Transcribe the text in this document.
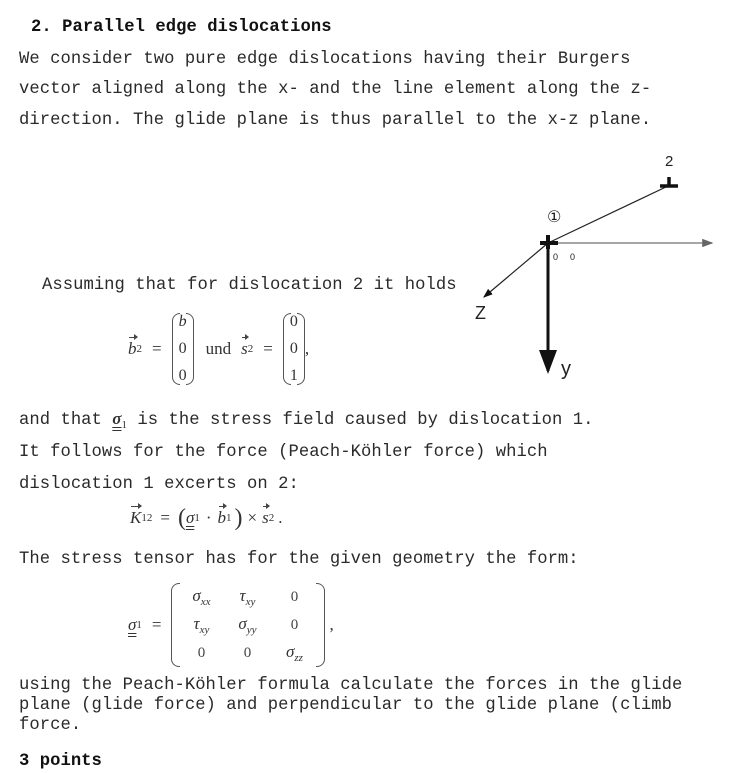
2. Parallel edge dislocations
We consider two pure edge dislocations having their Burgers
vector aligned along the x- and the line element along the z-
direction. The glide plane is thus parallel to the x-z plane.
2
①
0 0
Z
y
Assuming that for dislocation 2 it holds
b 2 =
b
0
0
und s 2 =
0
0
1
,
and that $\sigma_1$ is the stress field caused by dislocation 1.
It follows for the force (Peach-Köhler force) which
dislocation 1 excerts on 2:
K 12 = ( σ 1 · b 1 ) × s 2 .
The stress tensor has for the given geometry the form:
σ 1 =
$\sigma_{xx}$	$\tau_{xy}$	0
$\tau_{xy}$	$\sigma_{yy}$	0
0	0	$\sigma_{zz}$
,
using the Peach-Köhler formula calculate the forces in the glide
plane (glide force) and perpendicular to the glide plane (climb
force.
3 points
